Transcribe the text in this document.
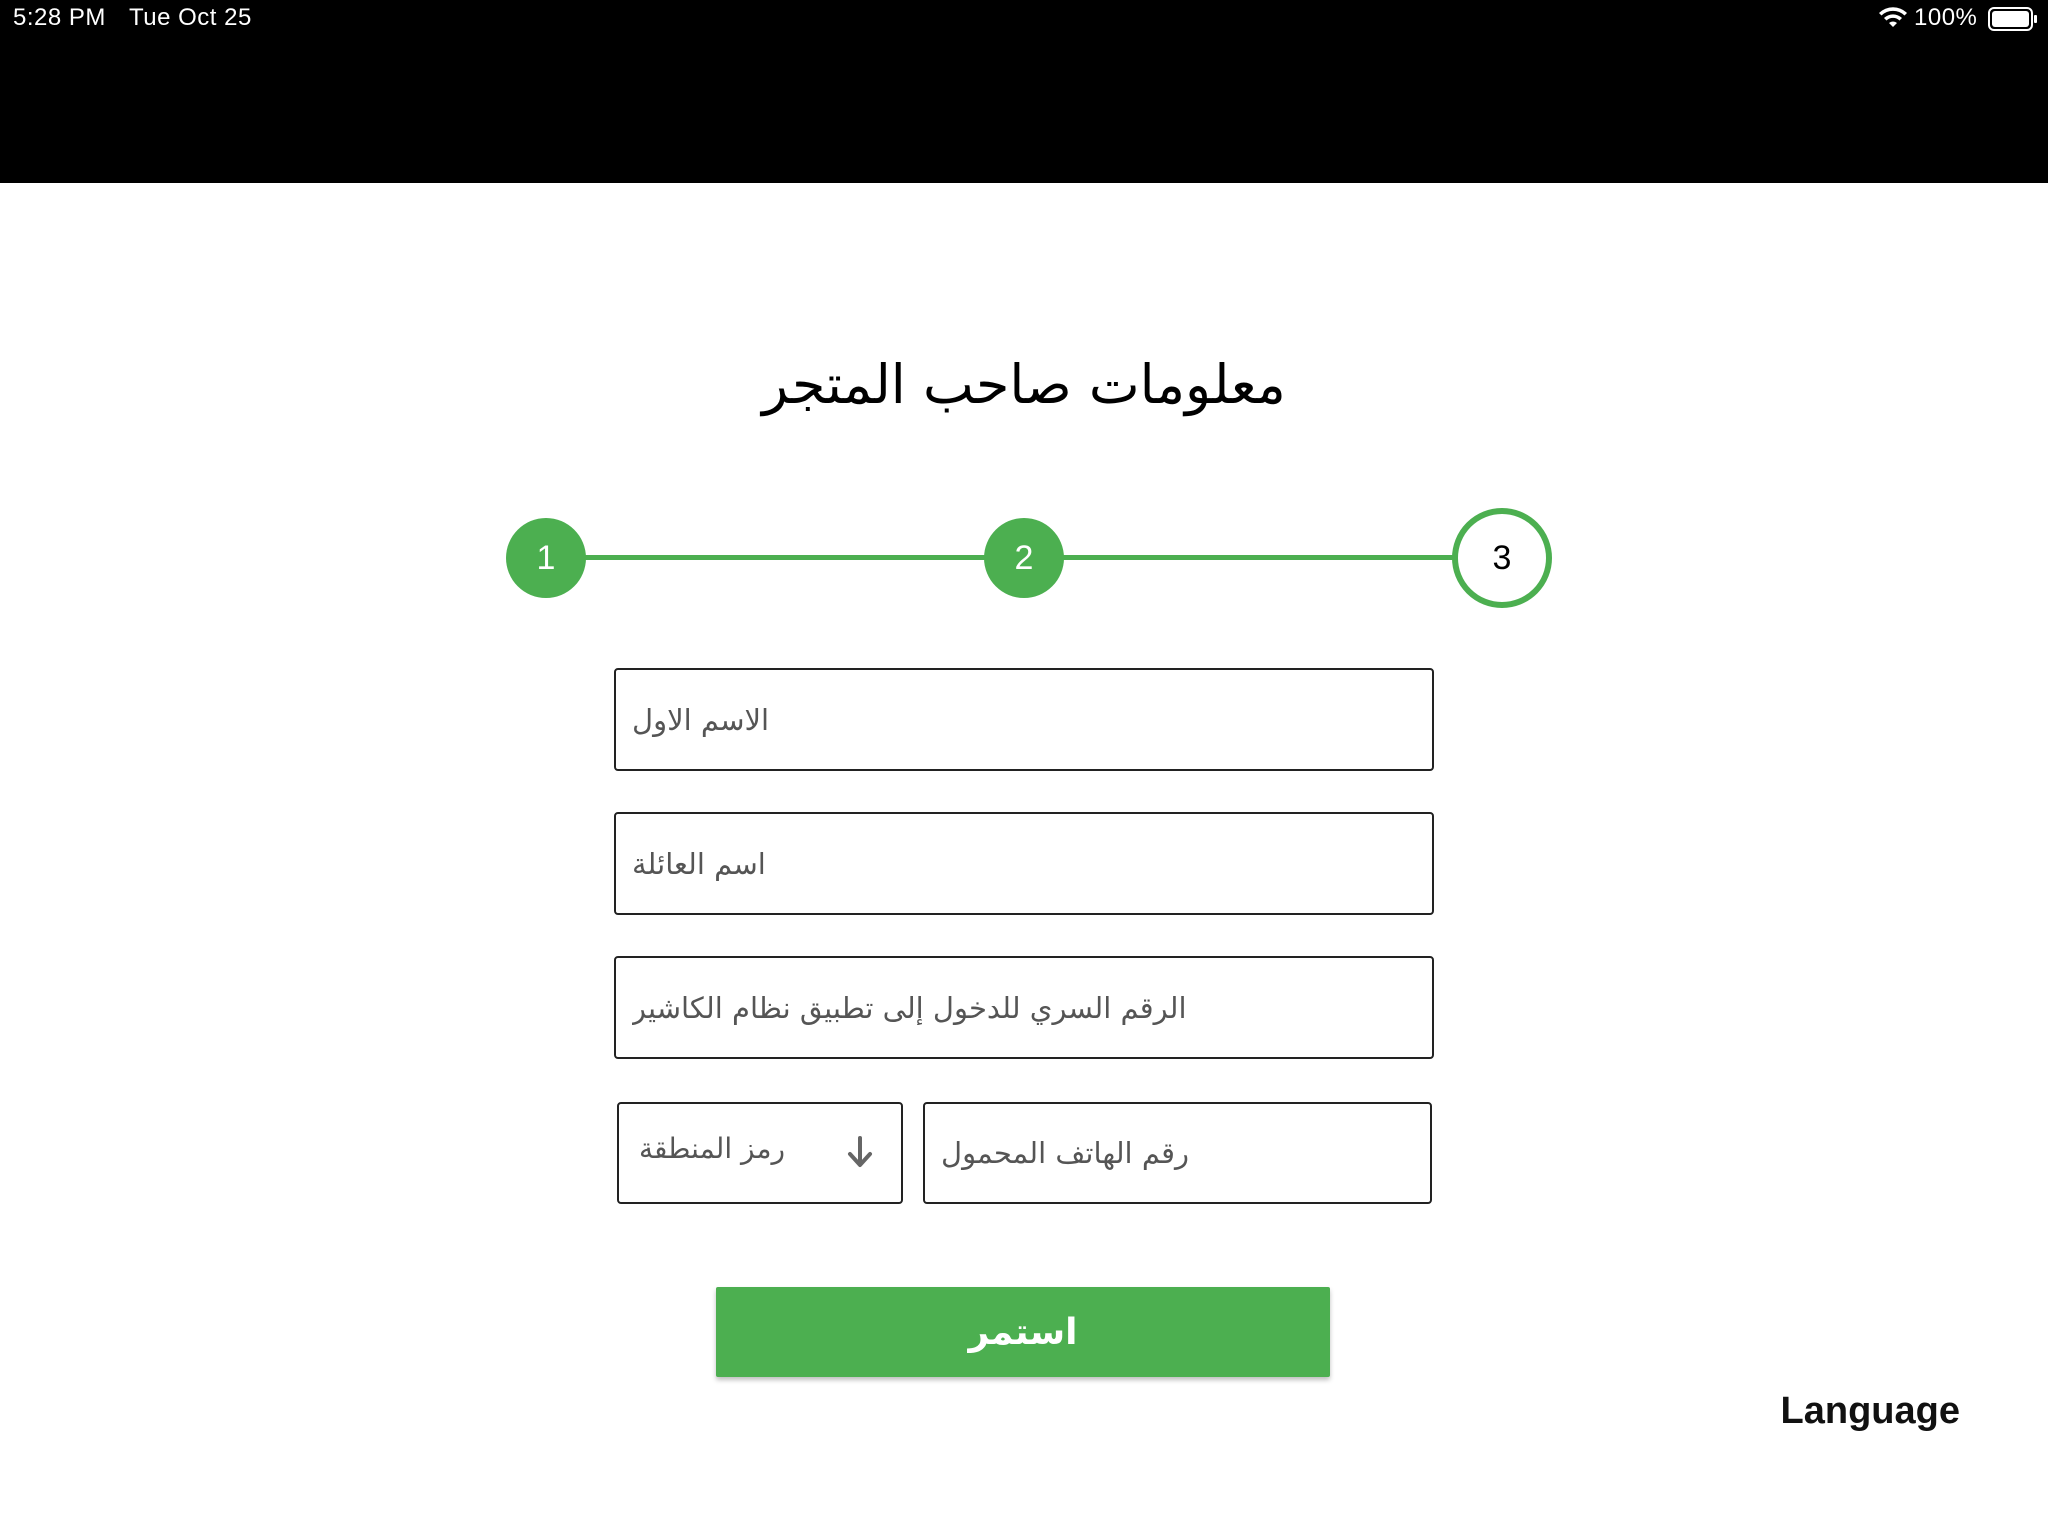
5:28 PM Tue Oct 25	100%
معلومات صاحب المتجر
1	2	3
الاسم الاول
اسم العائلة
رمز المنطقة
رقم الهاتف المحمول
استمر
Language
